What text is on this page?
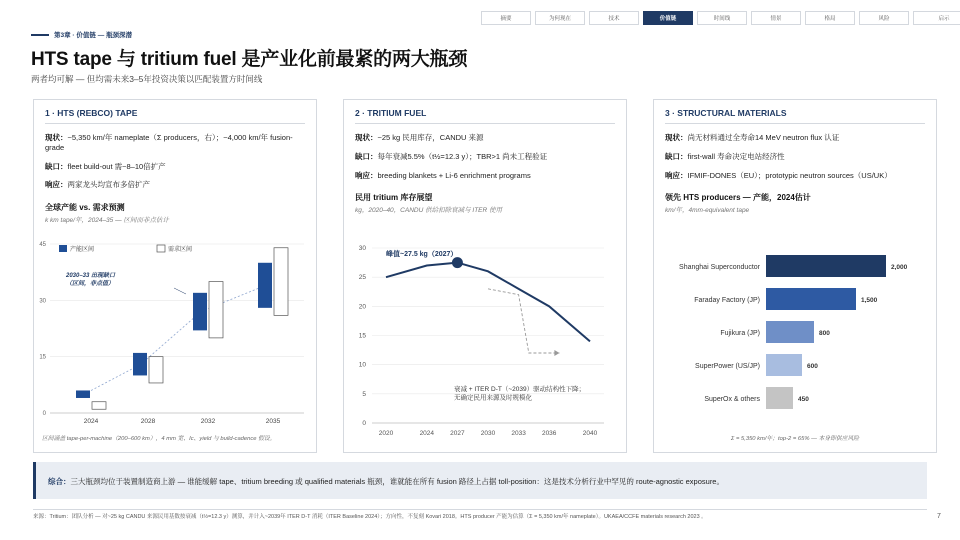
摘要	为何现在	技术	价值链	时间线	情景	格局	风险	启示
第3章 · 价值链 — 瓶颈深潜
HTS tape 与 tritium fuel 是产业化前最紧的两大瓶颈
两者均可解 — 但均需未来3–5年投资决策以匹配装置方时间线
1 · HTS (REBCO) TAPE
现状：~5,350 km/年 nameplate（Σ producers，右）；~4,000 km/年 fusion-grade
缺口：fleet build-out 需~8–10倍扩产
响应：两家龙头均宣布多倍扩产
全球产能 vs. 需求预测
k km tape/年，2024–35 — 区间而非点估计
0
15
30
45
2024	2028	2032	2035
产能区间	需求区间
2030–33 出现缺口
（区间，非点值）
区间涵盖 tape-per-machine（200–600 km），4 mm 宽、Ic、yield 与 build-cadence 假设。
2 · TRITIUM FUEL
现状：~25 kg 民用库存，CANDU 来源
缺口：每年衰减5.5%（t½=12.3 y）；TBR>1 尚未工程验证
响应：breeding blankets + Li-6 enrichment programs
民用 tritium 库存展望
kg，2020–40，CANDU 供给扣除衰减与 ITER 使用
0
5
10
15
20
25
30
2020	2024 2027 2030 2033 2036	2040
峰值~27.5 kg（2027）
衰减 + ITER D-T（~2039）驱动结构性下降；
无确定民用来源及时规模化
3 · STRUCTURAL MATERIALS
现状：尚无材料通过全寿命14 MeV neutron flux 认证
缺口：first-wall 寿命决定电站经济性
响应：IFMIF-DONES（EU）；prototypic neutron sources（US/UK）
领先 HTS producers — 产能，2024估计
km/年，4mm-equivalent tape
Shanghai Superconductor	2,000
Faraday Factory (JP)	1,500
Fujikura (JP)	800
SuperPower (US/JP)	600
SuperOx & others	450
Σ = 5,350 km/年；top-2 = 65% — 本身即供应风险
综合：三大瓶颈均位于装置制造商上游 — 谁能缓解 tape、tritium breeding 或 qualified materials 瓶颈，谁就能在所有 fusion 路径上占据 toll-position：这是技术分析行业中罕见的 route-agnostic exposure。
来源：Tritium：团队分析 — 对~25 kg CANDU 来源民用基数按衰减（t½=12.3 y）测算，并计入~2039年 ITER D-T 消耗（ITER Baseline 2024）；方向性，不复刻 Kovari 2018。HTS producer 产能为估算（Σ = 5,350 km/年 nameplate）。UKAEA/CCFE materials research 2023 。	7
